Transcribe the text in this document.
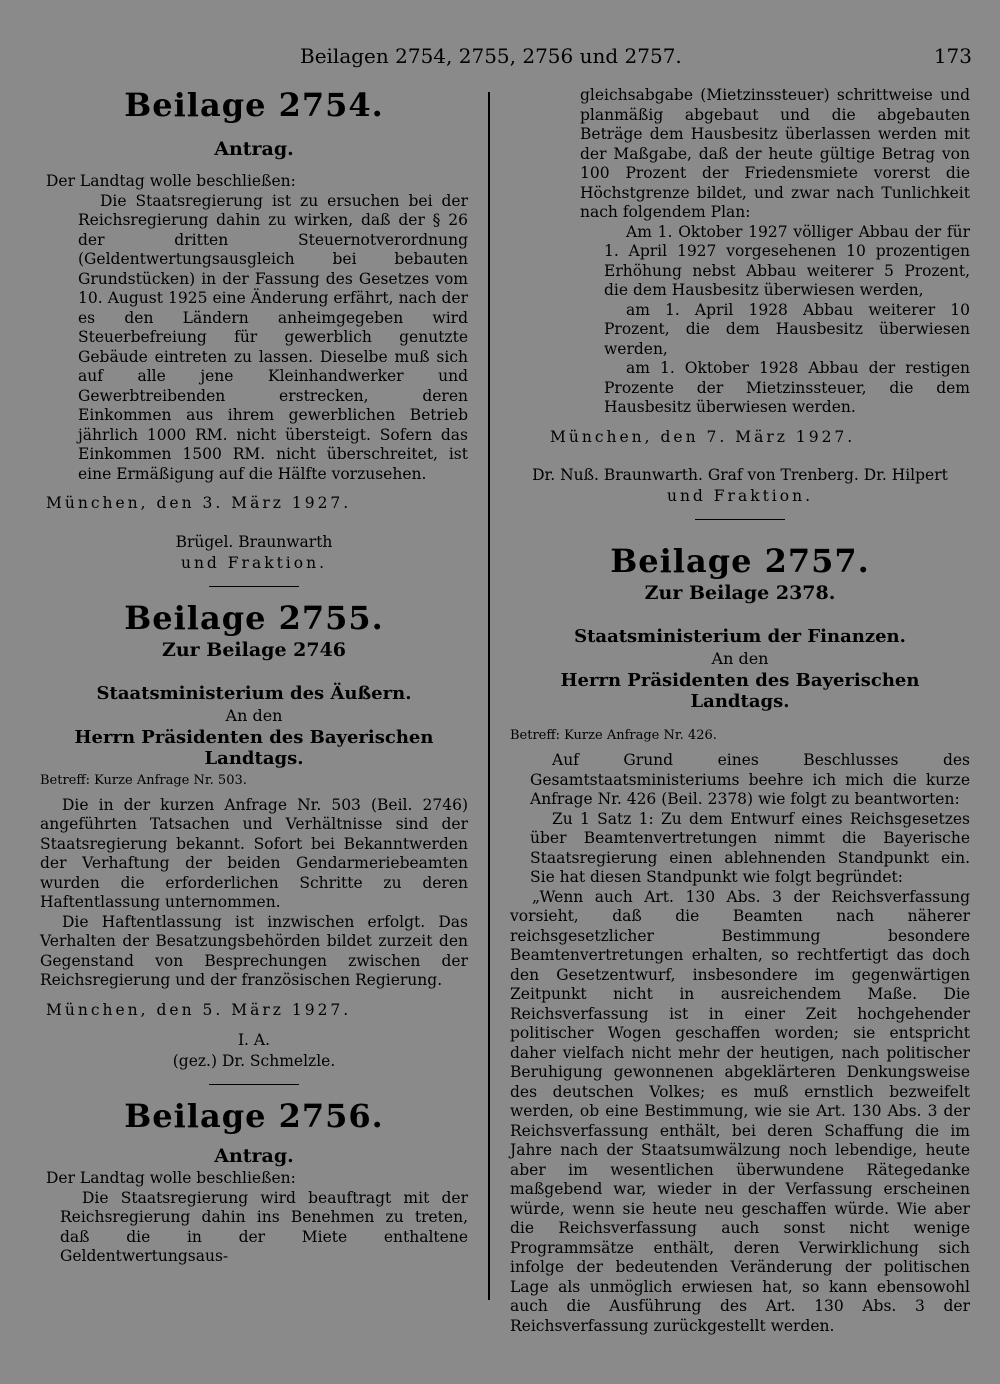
Beilagen 2754, 2755, 2756 und 2757.	173
Beilage 2754.
Antrag.

Der Landtag wolle beschließen:

Die Staatsregierung ist zu ersuchen bei der Reichsregierung dahin zu wirken, daß der § 26 der dritten Steuernotverordnung (Geldentwertungsausgleich bei bebauten Grundstücken) in der Fassung des Gesetzes vom 10. August 1925 eine Änderung erfährt, nach der es den Ländern anheimgegeben wird Steuerbefreiung für gewerblich genutzte Gebäude eintreten zu lassen. Dieselbe muß sich auf alle jene Kleinhandwerker und Gewerbtreibenden erstrecken, deren Einkommen aus ihrem gewerblichen Betrieb jährlich 1000 RM. nicht übersteigt. Sofern das Einkommen 1500 RM. nicht überschreitet, ist eine Ermäßigung auf die Hälfte vorzusehen.

München, den 3. März 1927.

Brügel. Braunwarth
und Fraktion.
Beilage 2755.
Zur Beilage 2746
Staatsministerium des Äußern.
An den
Herrn Präsidenten des Bayerischen Landtags.
Betreff: Kurze Anfrage Nr. 503.

Die in der kurzen Anfrage Nr. 503 (Beil. 2746) angeführten Tatsachen und Verhältnisse sind der Staatsregierung bekannt. Sofort bei Bekanntwerden der Verhaftung der beiden Gendarmeriebeamten wurden die erforderlichen Schritte zu deren Haftentlassung unternommen.

Die Haftentlassung ist inzwischen erfolgt. Das Verhalten der Besatzungsbehörden bildet zurzeit den Gegenstand von Besprechungen zwischen der Reichsregierung und der französischen Regierung.

München, den 5. März 1927.

I. A.
(gez.) Dr. Schmelzle.
Beilage 2756.
Antrag.

Der Landtag wolle beschließen:

Die Staatsregierung wird beauftragt mit der Reichsregierung dahin ins Benehmen zu treten, daß die in der Miete enthaltene Geldentwertungsaus-

gleichsabgabe (Mietzinssteuer) schrittweise und planmäßig abgebaut und die abgebauten Beträge dem Hausbesitz überlassen werden mit der Maßgabe, daß der heute gültige Betrag von 100 Prozent der Friedensmiete vorerst die Höchstgrenze bildet, und zwar nach Tunlichkeit nach folgendem Plan:

Am 1. Oktober 1927 völliger Abbau der für 1. April 1927 vorgesehenen 10 prozentigen Erhöhung nebst Abbau weiterer 5 Prozent, die dem Hausbesitz überwiesen werden,

am 1. April 1928 Abbau weiterer 10 Prozent, die dem Hausbesitz überwiesen werden,

am 1. Oktober 1928 Abbau der restigen Prozente der Mietzinssteuer, die dem Hausbesitz überwiesen werden.

München, den 7. März 1927.

Dr. Nuß. Braunwarth. Graf von Trenberg. Dr. Hilpert
und Fraktion.
Beilage 2757.
Zur Beilage 2378.
Staatsministerium der Finanzen.
An den
Herrn Präsidenten des Bayerischen Landtags.
Betreff: Kurze Anfrage Nr. 426.

Auf Grund eines Beschlusses des Gesamtstaatsministeriums beehre ich mich die kurze Anfrage Nr. 426 (Beil. 2378) wie folgt zu beantworten:

Zu 1 Satz 1: Zu dem Entwurf eines Reichsgesetzes über Beamtenvertretungen nimmt die Bayerische Staatsregierung einen ablehnenden Standpunkt ein. Sie hat diesen Standpunkt wie folgt begründet:

„Wenn auch Art. 130 Abs. 3 der Reichsverfassung vorsieht, daß die Beamten nach näherer reichsgesetzlicher Bestimmung besondere Beamtenvertretungen erhalten, so rechtfertigt das doch den Gesetzentwurf, insbesondere im gegenwärtigen Zeitpunkt nicht in ausreichendem Maße. Die Reichsverfassung ist in einer Zeit hochgehender politischer Wogen geschaffen worden; sie entspricht daher vielfach nicht mehr der heutigen, nach politischer Beruhigung gewonnenen abgeklärteren Denkungsweise des deutschen Volkes; es muß ernstlich bezweifelt werden, ob eine Bestimmung, wie sie Art. 130 Abs. 3 der Reichsverfassung enthält, bei deren Schaffung die im Jahre nach der Staatsumwälzung noch lebendige, heute aber im wesentlichen überwundene Rätegedanke maßgebend war, wieder in der Verfassung erscheinen würde, wenn sie heute neu geschaffen würde. Wie aber die Reichsverfassung auch sonst nicht wenige Programmsätze enthält, deren Verwirklichung sich infolge der bedeutenden Veränderung der politischen Lage als unmöglich erwiesen hat, so kann ebensowohl auch die Ausführung des Art. 130 Abs. 3 der Reichsverfassung zurückgestellt werden.
